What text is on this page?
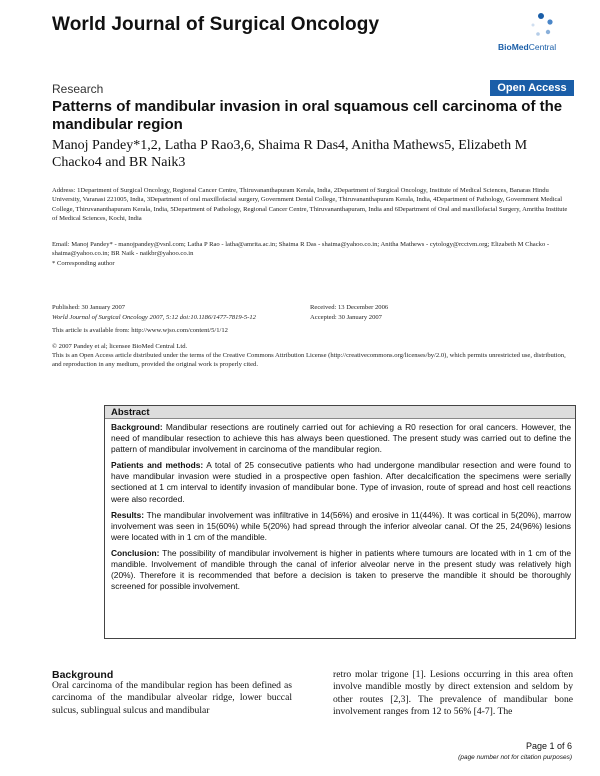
World Journal of Surgical Oncology
BioMedCentral
Research	Open Access
Patterns of mandibular invasion in oral squamous cell carcinoma of the mandibular region
Manoj Pandey*1,2, Latha P Rao3,6, Shaima R Das4, Anitha Mathews5, Elizabeth M Chacko4 and BR Naik3
Address: 1Department of Surgical Oncology, Regional Cancer Centre, Thiruvananthapuram Kerala, India, 2Department of Surgical Oncology, Institute of Medical Sciences, Banaras Hindu University, Varanasi 221005, India, 3Department of oral maxillofacial surgery, Government Dental College, Thiruvananthapuram Kerala, India, 4Department of Pathology, Government Medical College, Thiruvananthapuram Kerala, India, 5Department of Pathology, Regional Cancer Centre, Thiruvananthapuram, India and 6Department of Oral and maxillofacial Surgery, Amritha Institute of Medical Sciences, Kochi, India
Email: Manoj Pandey* - manojpandey@vsnl.com; Latha P Rao - latha@amrita.ac.in; Shaima R Das - shaima@yahoo.co.in; Anitha Mathews - cytology@rcctvm.org; Elizabeth M Chacko - shaima@yahoo.co.in; BR Naik - naikbr@yahoo.co.in
* Corresponding author
Published: 30 January 2007
World Journal of Surgical Oncology 2007, 5:12 doi:10.1186/1477-7819-5-12
This article is available from: http://www.wjso.com/content/5/1/12
© 2007 Pandey et al; licensee BioMed Central Ltd.
This is an Open Access article distributed under the terms of the Creative Commons Attribution License (http://creativecommons.org/licenses/by/2.0), which permits unrestricted use, distribution, and reproduction in any medium, provided the original work is properly cited.
Received: 13 December 2006
Accepted: 30 January 2007
Abstract

Background: Mandibular resections are routinely carried out for achieving a R0 resection for oral cancers. However, the need of mandibular resection to achieve this has always been questioned. The present study was carried out to define the pattern of mandibular involvement in carcinoma of the mandibular region.

Patients and methods: A total of 25 consecutive patients who had undergone mandibular resection and were found to have mandibular invasion were studied in a prospective open fashion. After decalcification the specimens were serially sectioned at 1 cm interval to identify invasion of mandibular bone. Type of invasion, route of spread and host cell reactions were also recorded.

Results: The mandibular involvement was infiltrative in 14(56%) and erosive in 11(44%). It was cortical in 5(20%), marrow involvement was seen in 15(60%) while 5(20%) had spread through the inferior alveolar canal. Of the 25, 24(96%) lesions were located with in 1 cm of the mandible.

Conclusion: The possibility of mandibular involvement is higher in patients where tumours are located with in 1 cm of the mandible. Involvement of mandible through the canal of inferior alveolar nerve in the present study was relatively high (20%). Therefore it is recommended that before a decision is taken to preserve the mandible it should be thoroughly screened for possible involvement.

Background
Oral carcinoma of the mandibular region has been defined as carcinoma of the mandibular alveolar ridge, lower buccal sulcus, sublingual sulcus and mandibular
retro molar trigone [1]. Lesions occurring in this area often involve mandible mostly by direct extension and seldom by other routes [2,3]. The prevalence of mandibular bone involvement ranges from 12 to 56% [4-7]. The
Page 1 of 6
(page number not for citation purposes)
